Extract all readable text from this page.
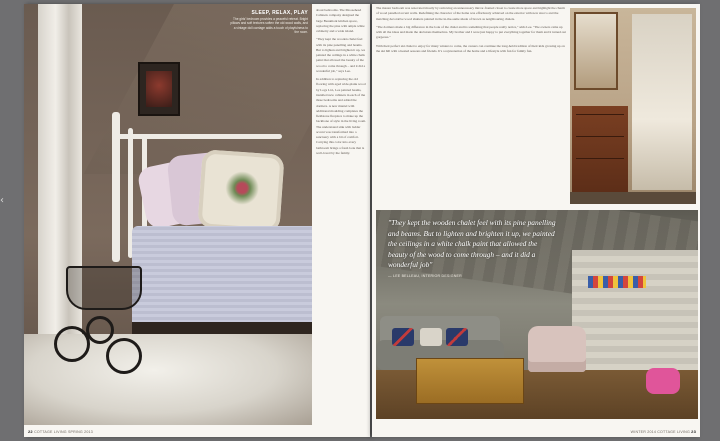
‹
SLEEP, RELAX, PLAY
The girls' bedroom provides a peaceful retreat. Bright pillows and soft textures soften the old wood walls, and a vintage doll carriage adds a touch of playfulness to the room.

about bedrooms. The Moosehead Cabinets company designed the large Beaumont kitchen space, replacing the pine with ample white cabinetry and a wide island.

"They kept the wooden chalet feel with its pine panelling and beams. But to lighten and brighten it up, we painted the ceilings in a white chalk paint that allowed the beauty of the wood to come through – and it did a wonderful job," says Lee.

In addition to replacing the old flooring with aged wide-plank wood by Logs Ltd., Lee painted beams, installed new cabinets in each of the three bedrooms and added the dormers. A new mantel with additional moulding completes the fieldstone fireplace to make up the backbone of style in the living room. The understated sink with ladder accent was transformed into a sanctuary with a bit of comfort. Carrying this color into every bathroom brings a fresh look that is well-loved by the family.

22 COTTAGE LIVING SPRING 2013

The master bedroom was renovated mostly by removing an unnecessary mirror-fronted closet to create more space and highlight the charm of wood panelled accent walls. Redefining the character of the home was effortlessly achieved on the exterior with new stucco and the matching decorative wood shutters painted in the in-the-same shade of brown as neighbouring chalets.

"The dormers made a big difference in the look of the chalet and its something that people really notice," adds Lee. "The owners came up with all the ideas and made the decisions themselves. My brother and I were just happy to put everything together for them and it turned out gorgeous."

With their perfect ski chalet to enjoy for many winters to come, the owners can continue the long-held tradition of their kids growing up on the ski hill with a heated seasons and friends. It's a rejuvenation of the home and a lifestyle with fun for family fun.

"They kept the wooden chalet feel with its pine panelling and beams. But to lighten and brighten it up, we painted the ceilings in a white chalk paint that allowed the beauty of the wood to come through – and it did a wonderful job"
— LEE BELLEAU, INTERIOR DESIGNER
WINTER 2014 COTTAGE LIVING 23
